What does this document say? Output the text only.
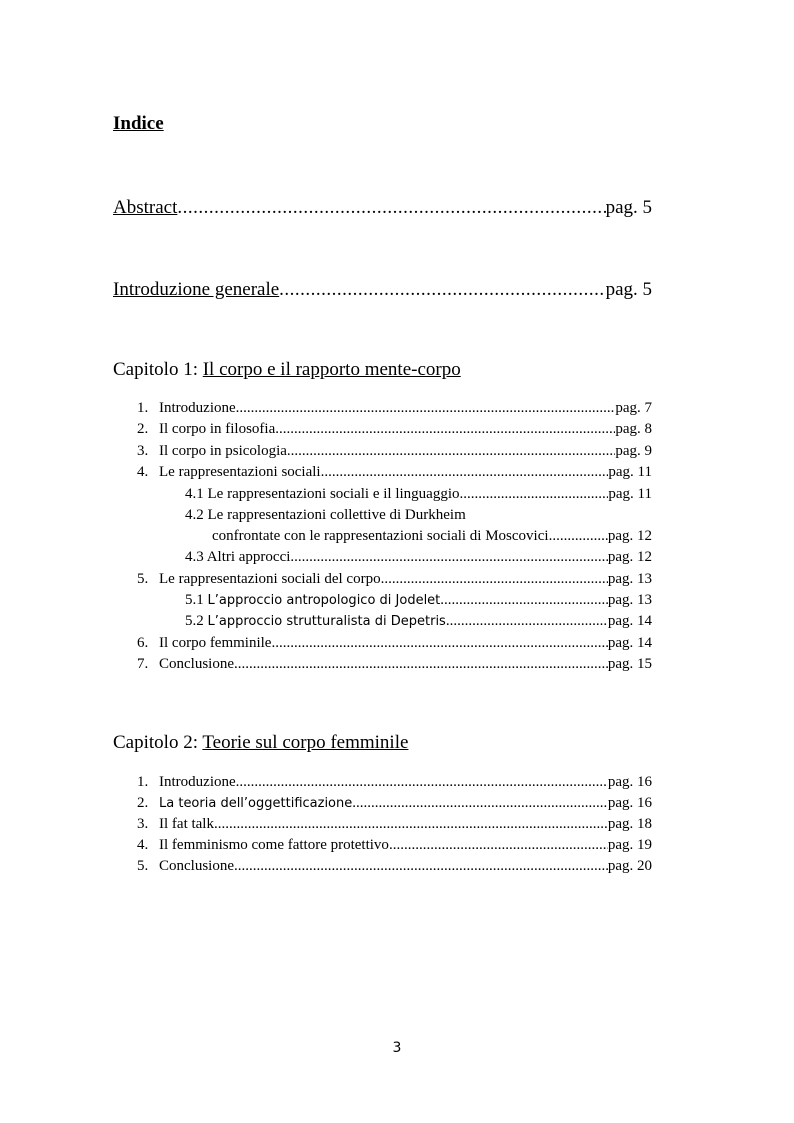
Indice
Abstract .....	pag. 5
Introduzione generale .....	pag. 5
Capitolo 1: Il corpo e il rapporto mente-corpo
1. Introduzione .....	pag. 7
2. Il corpo in filosofia .....	pag. 8
3. Il corpo in psicologia .....	pag. 9
4. Le rappresentazioni sociali .....	pag. 11
4.1 Le rappresentazioni sociali e il linguaggio .....	pag. 11
4.2 Le rappresentazioni collettive di Durkheim
confrontate con le rappresentazioni sociali di Moscovici .....	pag. 12
4.3 Altri approcci .....	pag. 12
5. Le rappresentazioni sociali del corpo .....	pag. 13
5.1 L’approccio antropologico di Jodelet .....	pag. 13
5.2 L’approccio strutturalista di Depetris .....	pag. 14
6. Il corpo femminile .....	pag. 14
7. Conclusione .....	pag. 15
Capitolo 2: Teorie sul corpo femminile
1. Introduzione .....	pag. 16
2. La teoria dell’oggettificazione .....	pag. 16
3. Il fat talk .....	pag. 18
4. Il femminismo come fattore protettivo .....	pag. 19
5. Conclusione .....	pag. 20
3
